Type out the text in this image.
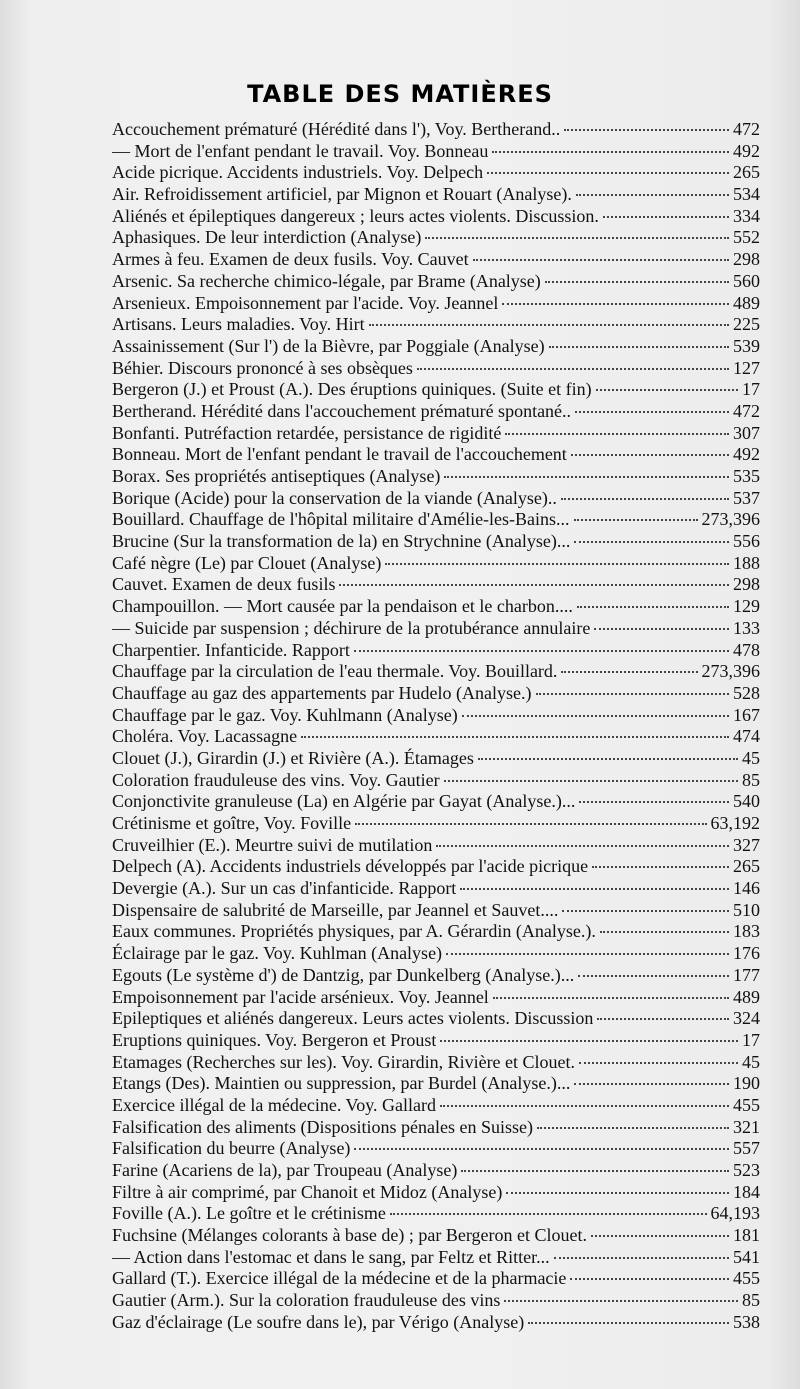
TABLE DES MATIÈRES
Accouchement prématuré (Hérédité dans l'), Voy. Bertherand..	472
— Mort de l'enfant pendant le travail. Voy. Bonneau	492
Acide picrique. Accidents industriels. Voy. Delpech	265
Air. Refroidissement artificiel, par Mignon et Rouart (Analyse).	534
Aliénés et épileptiques dangereux ; leurs actes violents. Discussion.	334
Aphasiques. De leur interdiction (Analyse)	552
Armes à feu. Examen de deux fusils. Voy. Cauvet	298
Arsenic. Sa recherche chimico-légale, par Brame (Analyse)	560
Arsenieux. Empoisonnement par l'acide. Voy. Jeannel	489
Artisans. Leurs maladies. Voy. Hirt	225
Assainissement (Sur l') de la Bièvre, par Poggiale (Analyse)	539
Béhier. Discours prononcé à ses obsèques	127
Bergeron (J.) et Proust (A.). Des éruptions quiniques. (Suite et fin)	17
Bertherand. Hérédité dans l'accouchement prématuré spontané..	472
Bonfanti. Putréfaction retardée, persistance de rigidité	307
Bonneau. Mort de l'enfant pendant le travail de l'accouchement	492
Borax. Ses propriétés antiseptiques (Analyse)	535
Borique (Acide) pour la conservation de la viande (Analyse)..	537
Bouillard. Chauffage de l'hôpital militaire d'Amélie-les-Bains...	273,396
Brucine (Sur la transformation de la) en Strychnine (Analyse)...	556
Café nègre (Le) par Clouet (Analyse)	188
Cauvet. Examen de deux fusils	298
Champouillon. — Mort causée par la pendaison et le charbon....	129
— Suicide par suspension ; déchirure de la protubérance annulaire	133
Charpentier. Infanticide. Rapport	478
Chauffage par la circulation de l'eau thermale. Voy. Bouillard.	273,396
Chauffage au gaz des appartements par Hudelo (Analyse.)	528
Chauffage par le gaz. Voy. Kuhlmann (Analyse)	167
Choléra. Voy. Lacassagne	474
Clouet (J.), Girardin (J.) et Rivière (A.). Étamages	45
Coloration frauduleuse des vins. Voy. Gautier	85
Conjonctivite granuleuse (La) en Algérie par Gayat (Analyse.)...	540
Crétinisme et goître, Voy. Foville	63,192
Cruveilhier (E.). Meurtre suivi de mutilation	327
Delpech (A). Accidents industriels développés par l'acide picrique	265
Devergie (A.). Sur un cas d'infanticide. Rapport	146
Dispensaire de salubrité de Marseille, par Jeannel et Sauvet....	510
Eaux communes. Propriétés physiques, par A. Gérardin (Analyse.).	183
Éclairage par le gaz. Voy. Kuhlman (Analyse)	176
Egouts (Le système d') de Dantzig, par Dunkelberg (Analyse.)...	177
Empoisonnement par l'acide arsénieux. Voy. Jeannel	489
Epileptiques et aliénés dangereux. Leurs actes violents. Discussion	324
Eruptions quiniques. Voy. Bergeron et Proust	17
Etamages (Recherches sur les). Voy. Girardin, Rivière et Clouet.	45
Etangs (Des). Maintien ou suppression, par Burdel (Analyse.)...	190
Exercice illégal de la médecine. Voy. Gallard	455
Falsification des aliments (Dispositions pénales en Suisse)	321
Falsification du beurre (Analyse)	557
Farine (Acariens de la), par Troupeau (Analyse)	523
Filtre à air comprimé, par Chanoit et Midoz (Analyse)	184
Foville (A.). Le goître et le crétinisme	64,193
Fuchsine (Mélanges colorants à base de) ; par Bergeron et Clouet.	181
— Action dans l'estomac et dans le sang, par Feltz et Ritter...	541
Gallard (T.). Exercice illégal de la médecine et de la pharmacie	455
Gautier (Arm.). Sur la coloration frauduleuse des vins	85
Gaz d'éclairage (Le soufre dans le), par Vérigo (Analyse)	538
